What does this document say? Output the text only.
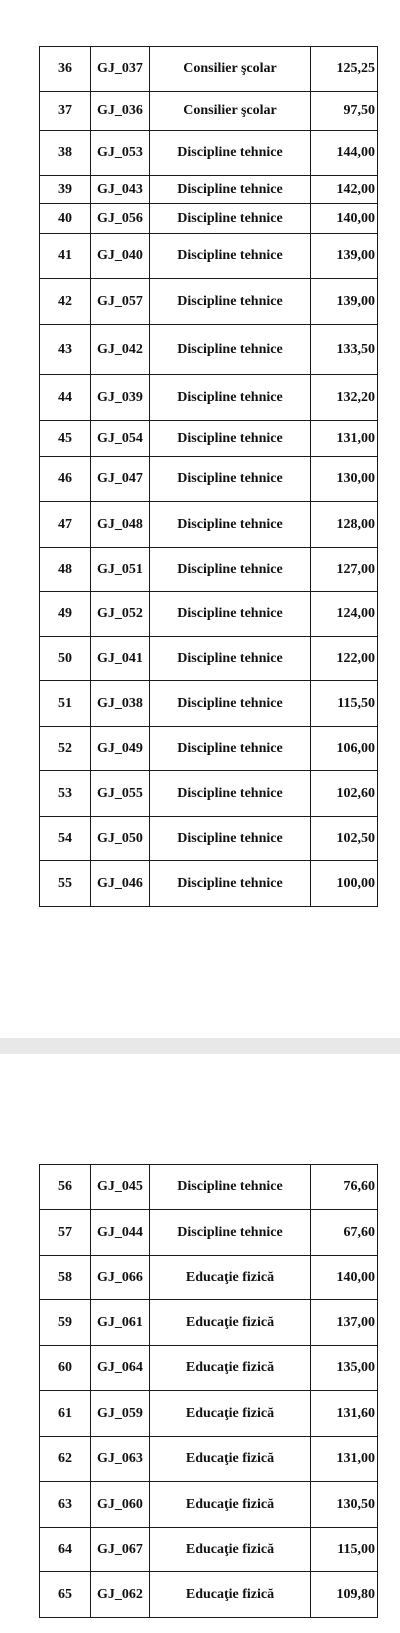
36	GJ_037	Consilier şcolar	125,25
37	GJ_036	Consilier şcolar	97,50
38	GJ_053	Discipline tehnice	144,00
39	GJ_043	Discipline tehnice	142,00
40	GJ_056	Discipline tehnice	140,00
41	GJ_040	Discipline tehnice	139,00
42	GJ_057	Discipline tehnice	139,00
43	GJ_042	Discipline tehnice	133,50
44	GJ_039	Discipline tehnice	132,20
45	GJ_054	Discipline tehnice	131,00
46	GJ_047	Discipline tehnice	130,00
47	GJ_048	Discipline tehnice	128,00
48	GJ_051	Discipline tehnice	127,00
49	GJ_052	Discipline tehnice	124,00
50	GJ_041	Discipline tehnice	122,00
51	GJ_038	Discipline tehnice	115,50
52	GJ_049	Discipline tehnice	106,00
53	GJ_055	Discipline tehnice	102,60
54	GJ_050	Discipline tehnice	102,50
55	GJ_046	Discipline tehnice	100,00
56	GJ_045	Discipline tehnice	76,60
57	GJ_044	Discipline tehnice	67,60
58	GJ_066	Educaţie fizică	140,00
59	GJ_061	Educaţie fizică	137,00
60	GJ_064	Educaţie fizică	135,00
61	GJ_059	Educaţie fizică	131,60
62	GJ_063	Educaţie fizică	131,00
63	GJ_060	Educaţie fizică	130,50
64	GJ_067	Educaţie fizică	115,00
65	GJ_062	Educaţie fizică	109,80
